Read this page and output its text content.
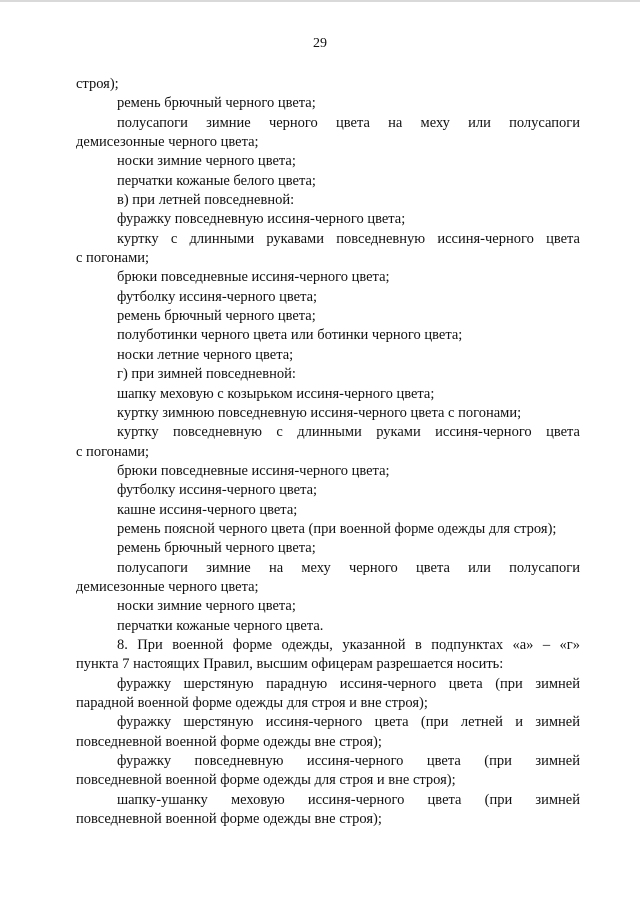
29
строя);
ремень брючный черного цвета;
полусапоги зимние черного цвета на меху или полусапоги
демисезонные черного цвета;
носки зимние черного цвета;
перчатки кожаные белого цвета;
в) при летней повседневной:
фуражку повседневную иссиня-черного цвета;
куртку с длинными рукавами повседневную иссиня-черного цвета
с погонами;
брюки повседневные иссиня-черного цвета;
футболку иссиня-черного цвета;
ремень брючный черного цвета;
полуботинки черного цвета или ботинки черного цвета;
носки летние черного цвета;
г) при зимней повседневной:
шапку меховую с козырьком иссиня-черного цвета;
куртку зимнюю повседневную иссиня-черного цвета с погонами;
куртку повседневную с длинными руками иссиня-черного цвета
с погонами;
брюки повседневные иссиня-черного цвета;
футболку иссиня-черного цвета;
кашне иссиня-черного цвета;
ремень поясной черного цвета (при военной форме одежды для строя);
ремень брючный черного цвета;
полусапоги зимние на меху черного цвета или полусапоги
демисезонные черного цвета;
носки зимние черного цвета;
перчатки кожаные черного цвета.
8. При военной форме одежды, указанной в подпунктах «а» – «г»
пункта 7 настоящих Правил, высшим офицерам разрешается носить:
фуражку шерстяную парадную иссиня-черного цвета (при зимней
парадной военной форме одежды для строя и вне строя);
фуражку шерстяную иссиня-черного цвета (при летней и зимней
повседневной военной форме одежды вне строя);
фуражку повседневную иссиня-черного цвета (при зимней
повседневной военной форме одежды для строя и вне строя);
шапку-ушанку меховую иссиня-черного цвета (при зимней
повседневной военной форме одежды вне строя);
